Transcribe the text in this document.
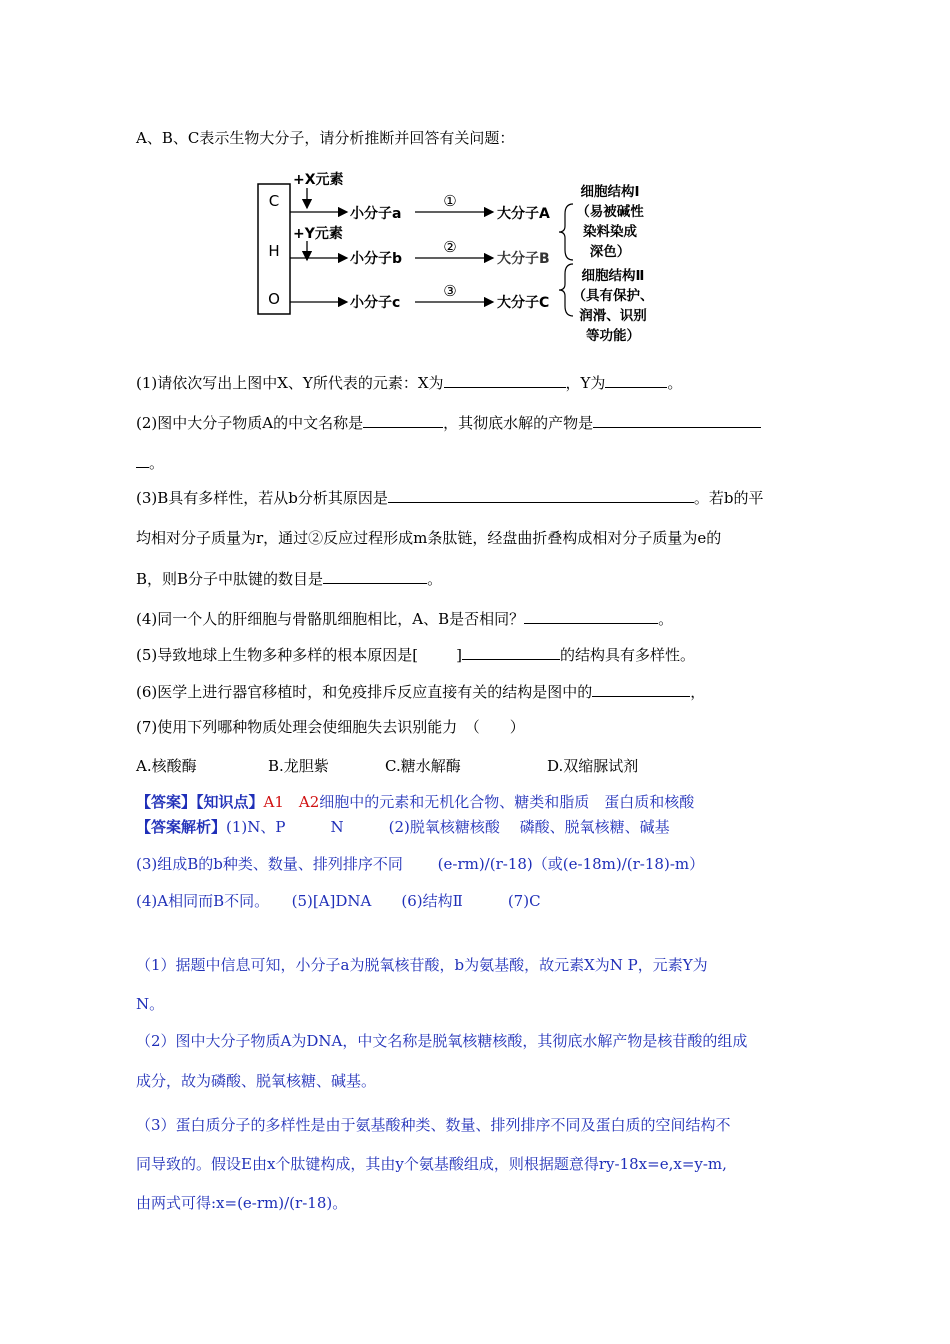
A、B、C表示生物大分子，请分析推断并回答有关问题：
C
H
O
+X元素
+Y元素
小分子a
小分子b
小分子c
①
②
③
大分子A
大分子B
大分子C
细胞结构Ⅰ
（易被碱性
染料染成
深色）
细胞结构Ⅱ
（具有保护、
润滑、识别
等功能）
(1)请依次写出上图中X、Y所代表的元素：X为	，Y为	。
(2)图中大分子物质A的中文名称是	，其彻底水解的产物是
。
(3)B具有多样性，若从b分析其原因是	。若b的平
均相对分子质量为r，通过②反应过程形成m条肽链，经盘曲折叠构成相对分子质量为e的
B，则B分子中肽键的数目是	。
(4)同一个人的肝细胞与骨骼肌细胞相比，A、B是否相同？	。
(5)导致地球上生物多种多样的根本原因是[	]	的结构具有多样性。
(6)医学上进行器官移植时，和免疫排斥反应直接有关的结构是图中的	，
(7)使用下列哪种物质处理会使细胞失去识别能力　（　　）
A.核酸酶	B.龙胆紫	C.糖水解酶	D.双缩脲试剂
【答案】【知识点】A1　A2细胞中的元素和无机化合物、糖类和脂质　蛋白质和核酸
【答案解析】(1)N、P　　　N　　　(2)脱氧核糖核酸　 磷酸、脱氧核糖、碱基
(3)组成B的b种类、数量、排列排序不同　　 (e-rm)/(r-18)（或(e-18m)/(r-18)-m）
(4)A相同而B不同。　　(5)[A]DNA　　(6)结构Ⅱ　　　(7)C
（1）据题中信息可知，小分子a为脱氧核苷酸，b为氨基酸，故元素X为N P，元素Y为
N。
（2）图中大分子物质A为DNA，中文名称是脱氧核糖核酸，其彻底水解产物是核苷酸的组成
成分，故为磷酸、脱氧核糖、碱基。
（3）蛋白质分子的多样性是由于氨基酸种类、数量、排列排序不同及蛋白质的空间结构不
同导致的。假设E由x个肽键构成，其由y个氨基酸组成，则根据题意得ry-18x=e,x=y-m,
由两式可得:x=(e-rm)/(r-18)。
